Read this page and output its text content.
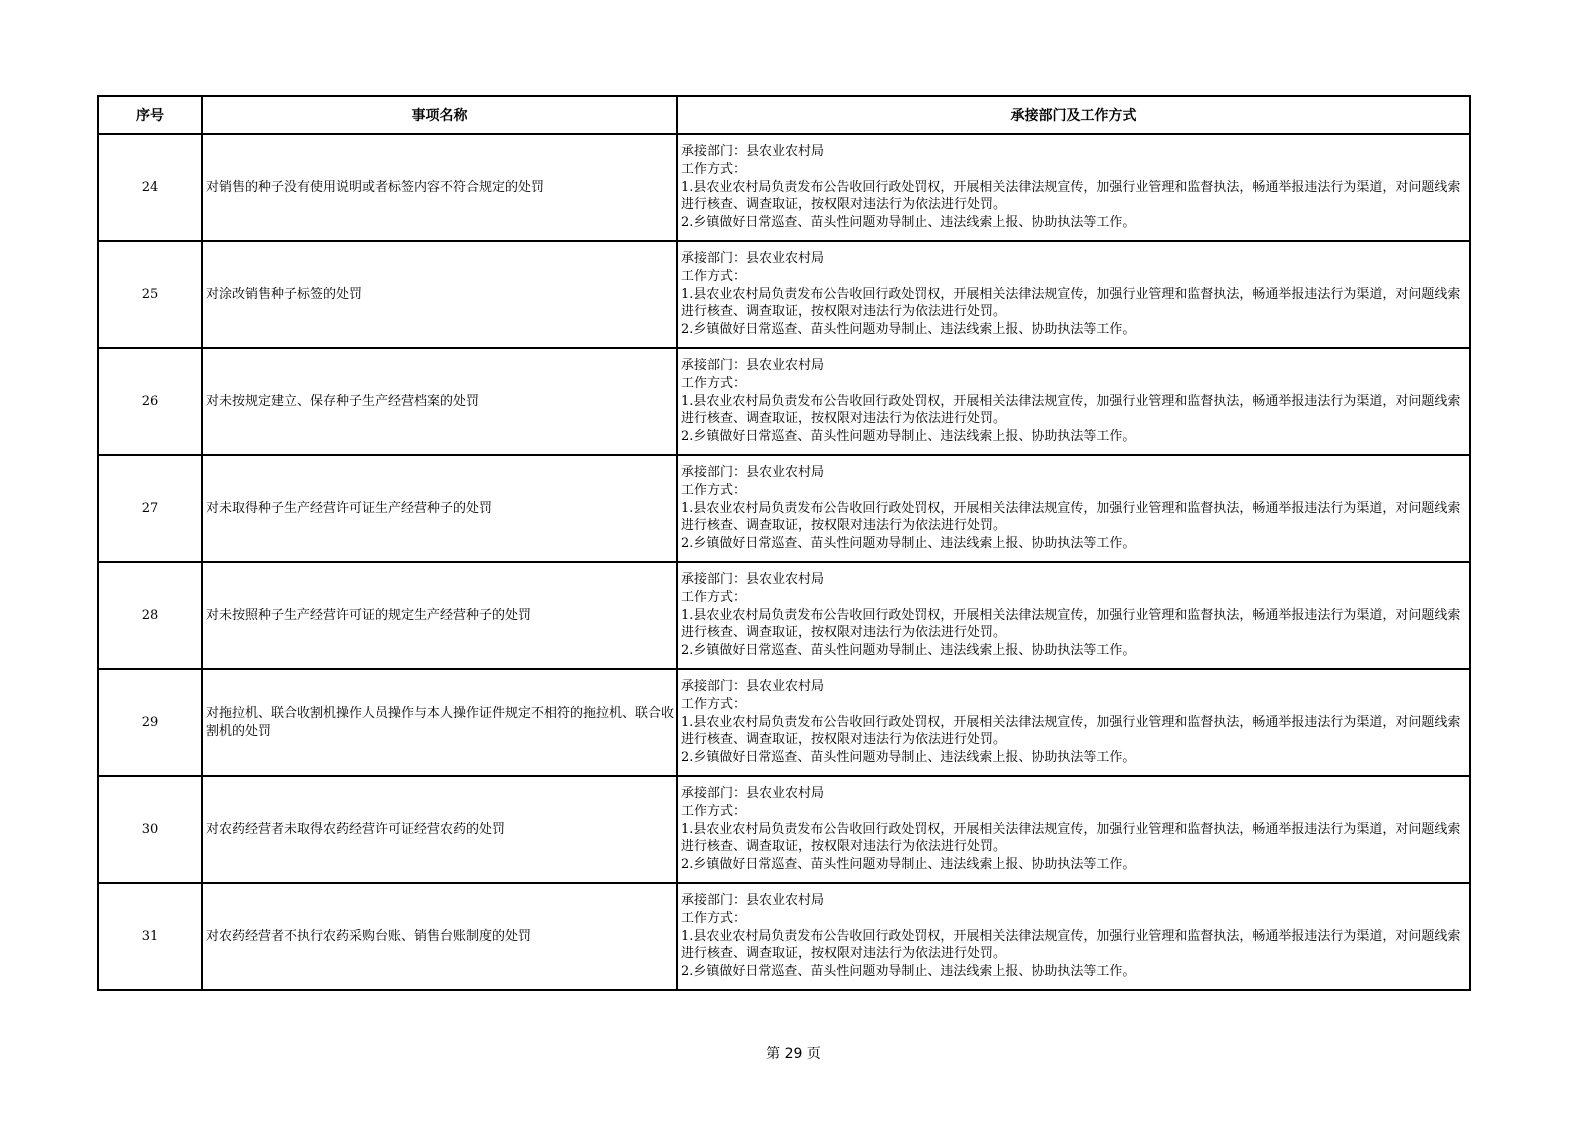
序号	事项名称	承接部门及工作方式
24	对销售的种子没有使用说明或者标签内容不符合规定的处罚	承接部门：县农业农村局
工作方式：
1.县农业农村局负责发布公告收回行政处罚权，开展相关法律法规宣传，加强行业管理和监督执法，畅通举报违法行为渠道，对问题线索进行核查、调查取证，按权限对违法行为依法进行处罚。
2.乡镇做好日常巡查、苗头性问题劝导制止、违法线索上报、协助执法等工作。

25	对涂改销售种子标签的处罚	承接部门：县农业农村局
工作方式：
1.县农业农村局负责发布公告收回行政处罚权，开展相关法律法规宣传，加强行业管理和监督执法，畅通举报违法行为渠道，对问题线索进行核查、调查取证，按权限对违法行为依法进行处罚。
2.乡镇做好日常巡查、苗头性问题劝导制止、违法线索上报、协助执法等工作。

26	对未按规定建立、保存种子生产经营档案的处罚	承接部门：县农业农村局
工作方式：
1.县农业农村局负责发布公告收回行政处罚权，开展相关法律法规宣传，加强行业管理和监督执法，畅通举报违法行为渠道，对问题线索进行核查、调查取证，按权限对违法行为依法进行处罚。
2.乡镇做好日常巡查、苗头性问题劝导制止、违法线索上报、协助执法等工作。

27	对未取得种子生产经营许可证生产经营种子的处罚	承接部门：县农业农村局
工作方式：
1.县农业农村局负责发布公告收回行政处罚权，开展相关法律法规宣传，加强行业管理和监督执法，畅通举报违法行为渠道，对问题线索进行核查、调查取证，按权限对违法行为依法进行处罚。
2.乡镇做好日常巡查、苗头性问题劝导制止、违法线索上报、协助执法等工作。

28	对未按照种子生产经营许可证的规定生产经营种子的处罚	承接部门：县农业农村局
工作方式：
1.县农业农村局负责发布公告收回行政处罚权，开展相关法律法规宣传，加强行业管理和监督执法，畅通举报违法行为渠道，对问题线索进行核查、调查取证，按权限对违法行为依法进行处罚。
2.乡镇做好日常巡查、苗头性问题劝导制止、违法线索上报、协助执法等工作。

29	对拖拉机、联合收割机操作人员操作与本人操作证件规定不相符的拖拉机、联合收割机的处罚	承接部门：县农业农村局
工作方式：
1.县农业农村局负责发布公告收回行政处罚权，开展相关法律法规宣传，加强行业管理和监督执法，畅通举报违法行为渠道，对问题线索进行核查、调查取证，按权限对违法行为依法进行处罚。
2.乡镇做好日常巡查、苗头性问题劝导制止、违法线索上报、协助执法等工作。

30	对农药经营者未取得农药经营许可证经营农药的处罚	承接部门：县农业农村局
工作方式：
1.县农业农村局负责发布公告收回行政处罚权，开展相关法律法规宣传，加强行业管理和监督执法，畅通举报违法行为渠道，对问题线索进行核查、调查取证，按权限对违法行为依法进行处罚。
2.乡镇做好日常巡查、苗头性问题劝导制止、违法线索上报、协助执法等工作。

31	对农药经营者不执行农药采购台账、销售台账制度的处罚	承接部门：县农业农村局
工作方式：
1.县农业农村局负责发布公告收回行政处罚权，开展相关法律法规宣传，加强行业管理和监督执法，畅通举报违法行为渠道，对问题线索进行核查、调查取证，按权限对违法行为依法进行处罚。
2.乡镇做好日常巡查、苗头性问题劝导制止、违法线索上报、协助执法等工作。
第 29 页
